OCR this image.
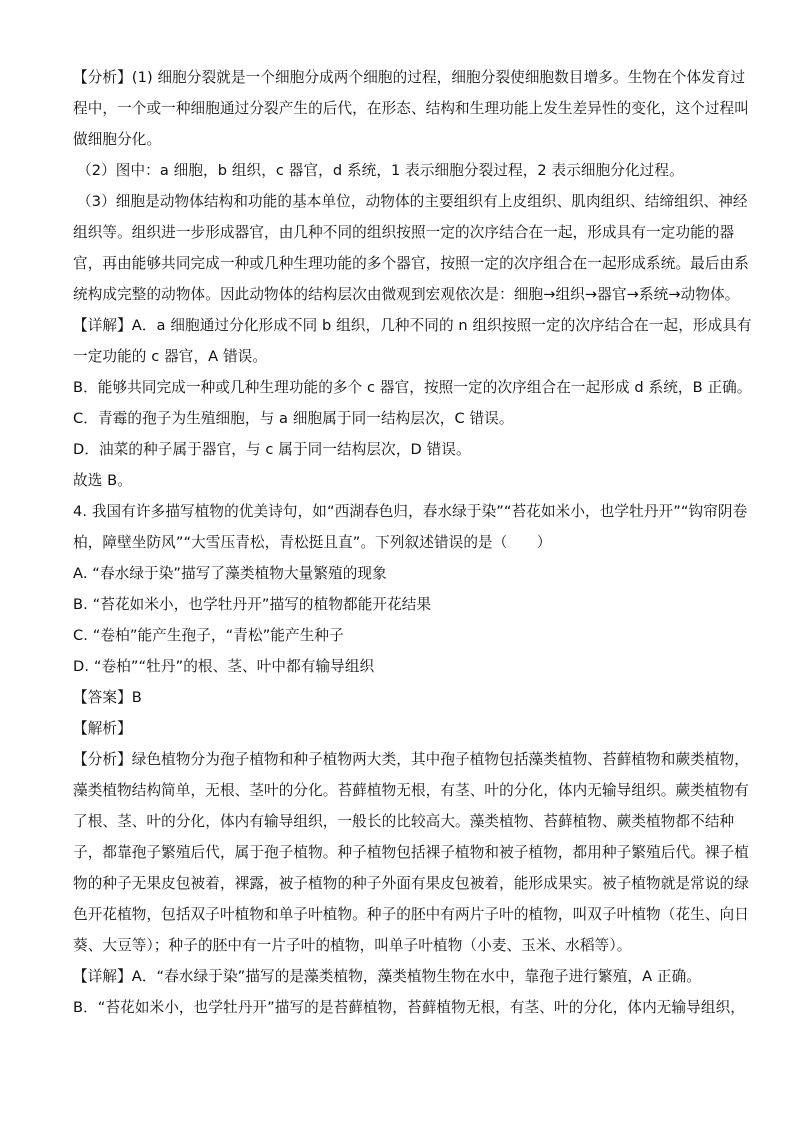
【分析】(1) 细胞分裂就是一个细胞分成两个细胞的过程，细胞分裂使细胞数目增多。生物在个体发育过
程中，一个或一种细胞通过分裂产生的后代，在形态、结构和生理功能上发生差异性的变化，这个过程叫
做细胞分化。
（2）图中：a 细胞，b 组织，c 器官，d 系统，1 表示细胞分裂过程，2 表示细胞分化过程。
（3）细胞是动物体结构和功能的基本单位，动物体的主要组织有上皮组织、肌肉组织、结缔组织、神经
组织等。组织进一步形成器官，由几种不同的组织按照一定的次序结合在一起，形成具有一定功能的器
官，再由能够共同完成一种或几种生理功能的多个器官，按照一定的次序组合在一起形成系统。最后由系
统构成完整的动物体。因此动物体的结构层次由微观到宏观依次是：细胞→组织→器官→系统→动物体。
【详解】A．a 细胞通过分化形成不同 b 组织，几种不同的 n 组织按照一定的次序结合在一起，形成具有
一定功能的 c 器官，A 错误。
B．能够共同完成一种或几种生理功能的多个 c 器官，按照一定的次序组合在一起形成 d 系统，B 正确。
C．青霉的孢子为生殖细胞，与 a 细胞属于同一结构层次，C 错误。
D．油菜的种子属于器官，与 c 属于同一结构层次，D 错误。
故选 B。
4. 我国有许多描写植物的优美诗句，如“西湖春色归，春水绿于染”“苔花如米小，也学牡丹开”“钩帘阴卷
柏，障壁坐防风”“大雪压青松，青松挺且直”。下列叙述错误的是（　　）
A. “春水绿于染”描写了藻类植物大量繁殖的现象
B. “苔花如米小，也学牡丹开”描写的植物都能开花结果
C. “卷柏”能产生孢子，“青松”能产生种子
D. “卷柏”“牡丹”的根、茎、叶中都有输导组织
【答案】B
【解析】
【分析】绿色植物分为孢子植物和种子植物两大类，其中孢子植物包括藻类植物、苔藓植物和蕨类植物，
藻类植物结构简单，无根、茎叶的分化。苔藓植物无根，有茎、叶的分化，体内无输导组织。蕨类植物有
了根、茎、叶的分化，体内有输导组织，一般长的比较高大。藻类植物、苔藓植物、蕨类植物都不结种
子，都靠孢子繁殖后代，属于孢子植物。种子植物包括裸子植物和被子植物，都用种子繁殖后代。裸子植
物的种子无果皮包被着，裸露，被子植物的种子外面有果皮包被着，能形成果实。被子植物就是常说的绿
色开花植物，包括双子叶植物和单子叶植物。种子的胚中有两片子叶的植物，叫双子叶植物（花生、向日
葵、大豆等）；种子的胚中有一片子叶的植物，叫单子叶植物（小麦、玉米、水稻等）。
【详解】A．“春水绿于染”描写的是藻类植物，藻类植物生物在水中，靠孢子进行繁殖，A 正确。
B．“苔花如米小，也学牡丹开”描写的是苔藓植物，苔藓植物无根，有茎、叶的分化，体内无输导组织，
